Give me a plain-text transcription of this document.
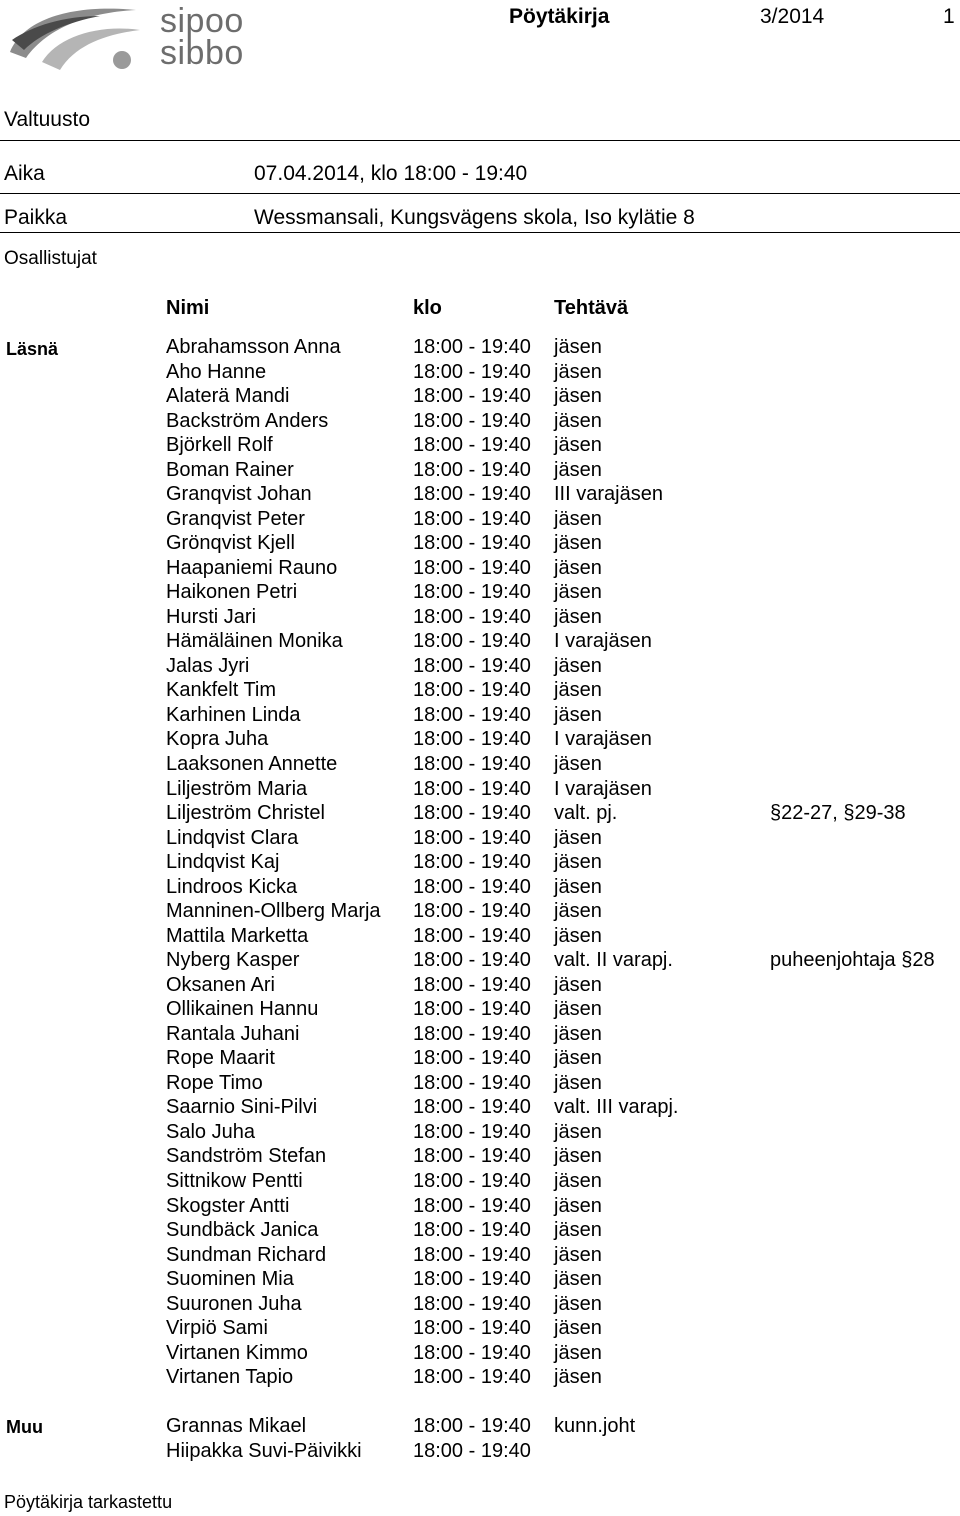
sipoo
sibbo
Pöytäkirja	3/2014	1
Valtuusto
Aika	07.04.2014, klo 18:00 - 19:40
Paikka	Wessmansali, Kungsvägens skola, Iso kylätie 8
Osallistujat
Nimi	klo	Tehtävä
Läsnä	Abrahamsson Anna	18:00 - 19:40 jäsen
Aho Hanne	18:00 - 19:40 jäsen
Alaterä Mandi	18:00 - 19:40 jäsen
Backström Anders	18:00 - 19:40 jäsen
Björkell Rolf	18:00 - 19:40 jäsen
Boman Rainer	18:00 - 19:40 jäsen
Granqvist Johan	18:00 - 19:40 III varajäsen
Granqvist Peter	18:00 - 19:40 jäsen
Grönqvist Kjell	18:00 - 19:40 jäsen
Haapaniemi Rauno	18:00 - 19:40 jäsen
Haikonen Petri	18:00 - 19:40 jäsen
Hursti Jari	18:00 - 19:40 jäsen
Hämäläinen Monika	18:00 - 19:40 I varajäsen
Jalas Jyri	18:00 - 19:40 jäsen
Kankfelt Tim	18:00 - 19:40 jäsen
Karhinen Linda	18:00 - 19:40 jäsen
Kopra Juha	18:00 - 19:40 I varajäsen
Laaksonen Annette	18:00 - 19:40 jäsen
Liljeström Maria	18:00 - 19:40 I varajäsen
Liljeström Christel	18:00 - 19:40 valt. pj.	§22-27, §29-38
Lindqvist Clara	18:00 - 19:40 jäsen
Lindqvist Kaj	18:00 - 19:40 jäsen
Lindroos Kicka	18:00 - 19:40 jäsen
Manninen-Ollberg Marja 18:00 - 19:40 jäsen
Mattila Marketta	18:00 - 19:40 jäsen
Nyberg Kasper	18:00 - 19:40 valt. II varapj.	puheenjohtaja §28
Oksanen Ari	18:00 - 19:40 jäsen
Ollikainen Hannu	18:00 - 19:40 jäsen
Rantala Juhani	18:00 - 19:40 jäsen
Rope Maarit	18:00 - 19:40 jäsen
Rope Timo	18:00 - 19:40 jäsen
Saarnio Sini-Pilvi	18:00 - 19:40 valt. III varapj.
Salo Juha	18:00 - 19:40 jäsen
Sandström Stefan	18:00 - 19:40 jäsen
Sittnikow Pentti	18:00 - 19:40 jäsen
Skogster Antti	18:00 - 19:40 jäsen
Sundbäck Janica	18:00 - 19:40 jäsen
Sundman Richard	18:00 - 19:40 jäsen
Suominen Mia	18:00 - 19:40 jäsen
Suuronen Juha	18:00 - 19:40 jäsen
Virpiö Sami	18:00 - 19:40 jäsen
Virtanen Kimmo	18:00 - 19:40 jäsen
Virtanen Tapio	18:00 - 19:40 jäsen
Muu	Grannas Mikael	18:00 - 19:40 kunn.joht
Hiipakka Suvi-Päivikki	18:00 - 19:40
Pöytäkirja tarkastettu
